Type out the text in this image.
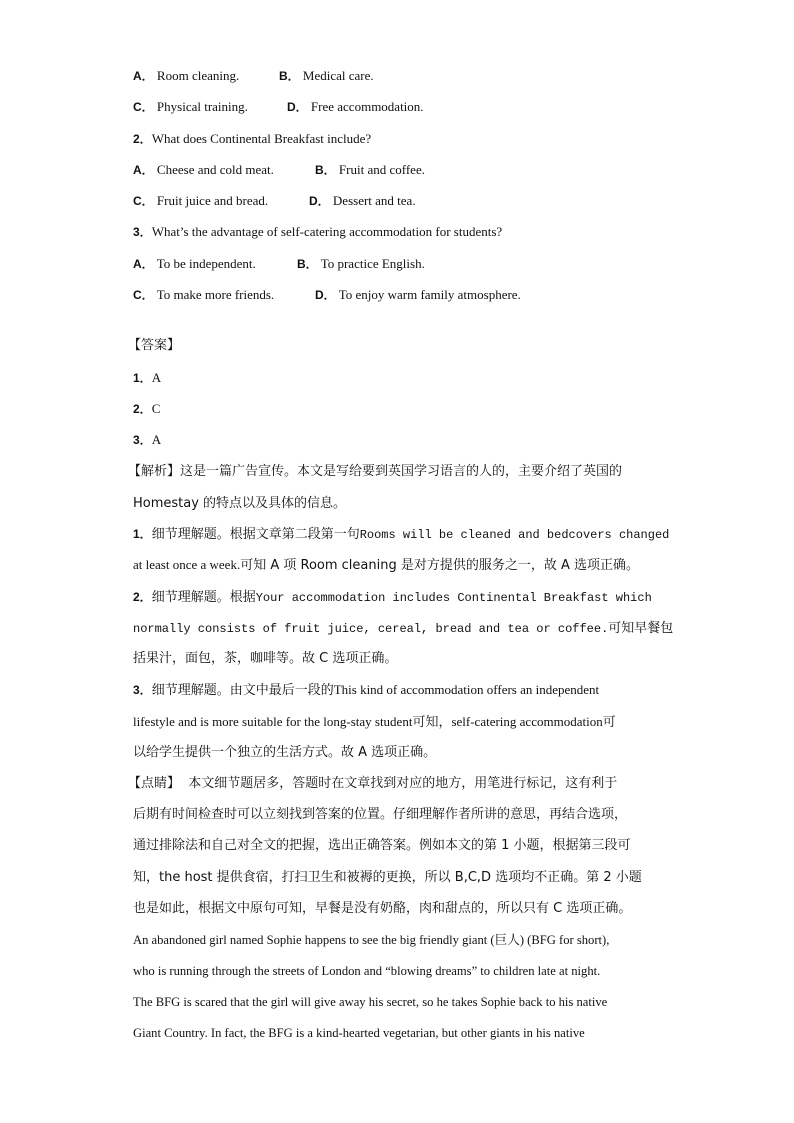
A． Room cleaning.	B． Medical care.
C． Physical training.	D． Free accommodation.
2．What does Continental Breakfast include?
A． Cheese and cold meat.	B． Fruit and coffee.
C． Fruit juice and bread.	D． Dessert and tea.
3．What’s the advantage of self-catering accommodation for students?
A． To be independent.	B． To practice English.
C． To make more friends.	D． To enjoy warm family atmosphere.
【答案】
1．A
2．C
3．A
【解析】这是一篇广告宣传。本文是写给要到英国学习语言的人的，主要介绍了英国的
Homestay 的特点以及具体的信息。
1．细节理解题。根据文章第二段第一句Rooms will be cleaned and bedcovers changed
at least once a week.可知 A 项 Room cleaning 是对方提供的服务之一，故 A 选项正确。
2．细节理解题。根据Your accommodation includes Continental Breakfast which
normally consists of fruit juice, cereal, bread and tea or coffee.可知早餐包
括果汁，面包，茶，咖啡等。故 C 选项正确。
3．细节理解题。由文中最后一段的This kind of accommodation offers an independent
lifestyle and is more suitable for the long-stay student可知，self-catering accommodation可
以给学生提供一个独立的生活方式。故 A 选项正确。
【点睛】 本文细节题居多，答题时在文章找到对应的地方，用笔进行标记，这有利于
后期有时间检查时可以立刻找到答案的位置。仔细理解作者所讲的意思，再结合选项，
通过排除法和自己对全文的把握，选出正确答案。例如本文的第 1 小题，根据第三段可
知，the host 提供食宿，打扫卫生和被褥的更换，所以 B,C,D 选项均不正确。第 2 小题
也是如此，根据文中原句可知，早餐是没有奶酪，肉和甜点的，所以只有 C 选项正确。
An abandoned girl named Sophie happens to see the big friendly giant (巨人) (BFG for short),
who is running through the streets of London and “blowing dreams” to children late at night.
The BFG is scared that the girl will give away his secret, so he takes Sophie back to his native
Giant Country. In fact, the BFG is a kind-hearted vegetarian, but other giants in his native
